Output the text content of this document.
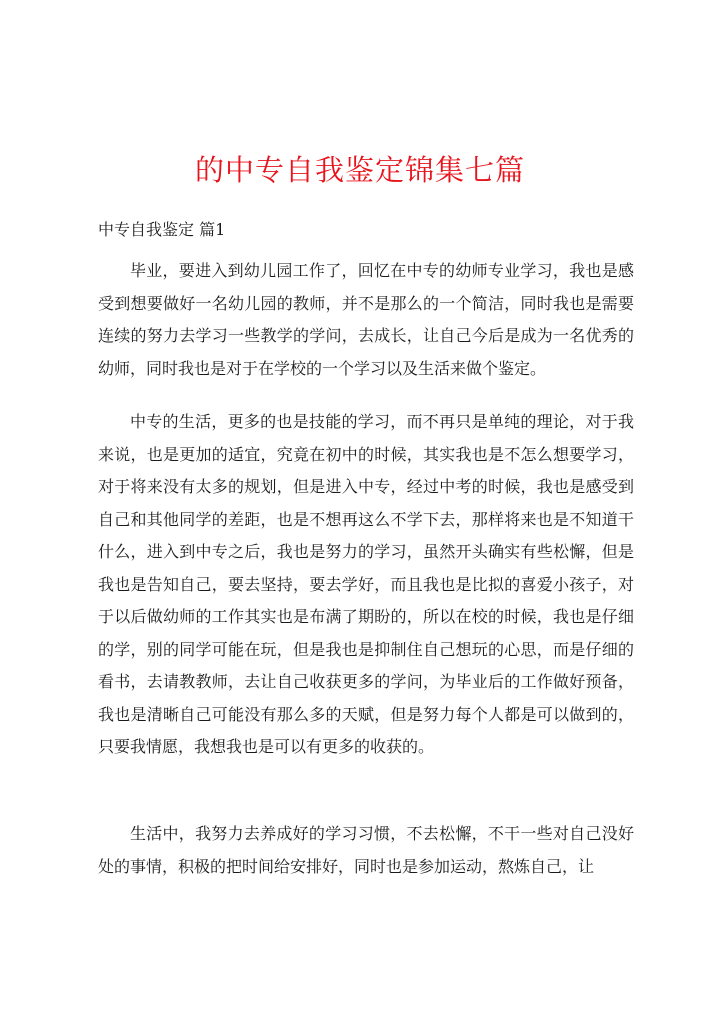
的中专自我鉴定锦集七篇
中专自我鉴定 篇1

毕业，要进入到幼儿园工作了，回忆在中专的幼师专业学习，我也是感受到想要做好一名幼儿园的教师，并不是那么的一个简洁，同时我也是需要连续的努力去学习一些教学的学问，去成长，让自己今后是成为一名优秀的幼师，同时我也是对于在学校的一个学习以及生活来做个鉴定。

中专的生活，更多的也是技能的学习，而不再只是单纯的理论，对于我来说，也是更加的适宜，究竟在初中的时候，其实我也是不怎么想要学习，对于将来没有太多的规划，但是进入中专，经过中考的时候，我也是感受到自己和其他同学的差距，也是不想再这么不学下去，那样将来也是不知道干什么，进入到中专之后，我也是努力的学习，虽然开头确实有些松懈，但是我也是告知自己，要去坚持，要去学好，而且我也是比拟的喜爱小孩子，对于以后做幼师的工作其实也是布满了期盼的，所以在校的时候，我也是仔细的学，别的同学可能在玩，但是我也是抑制住自己想玩的心思，而是仔细的看书，去请教教师，去让自己收获更多的学问，为毕业后的工作做好预备，我也是清晰自己可能没有那么多的天赋，但是努力每个人都是可以做到的，只要我情愿，我想我也是可以有更多的收获的。

生活中，我努力去养成好的学习习惯，不去松懈，不干一些对自己没好处的事情，积极的把时间给安排好，同时也是参加运动，熬炼自己，让
